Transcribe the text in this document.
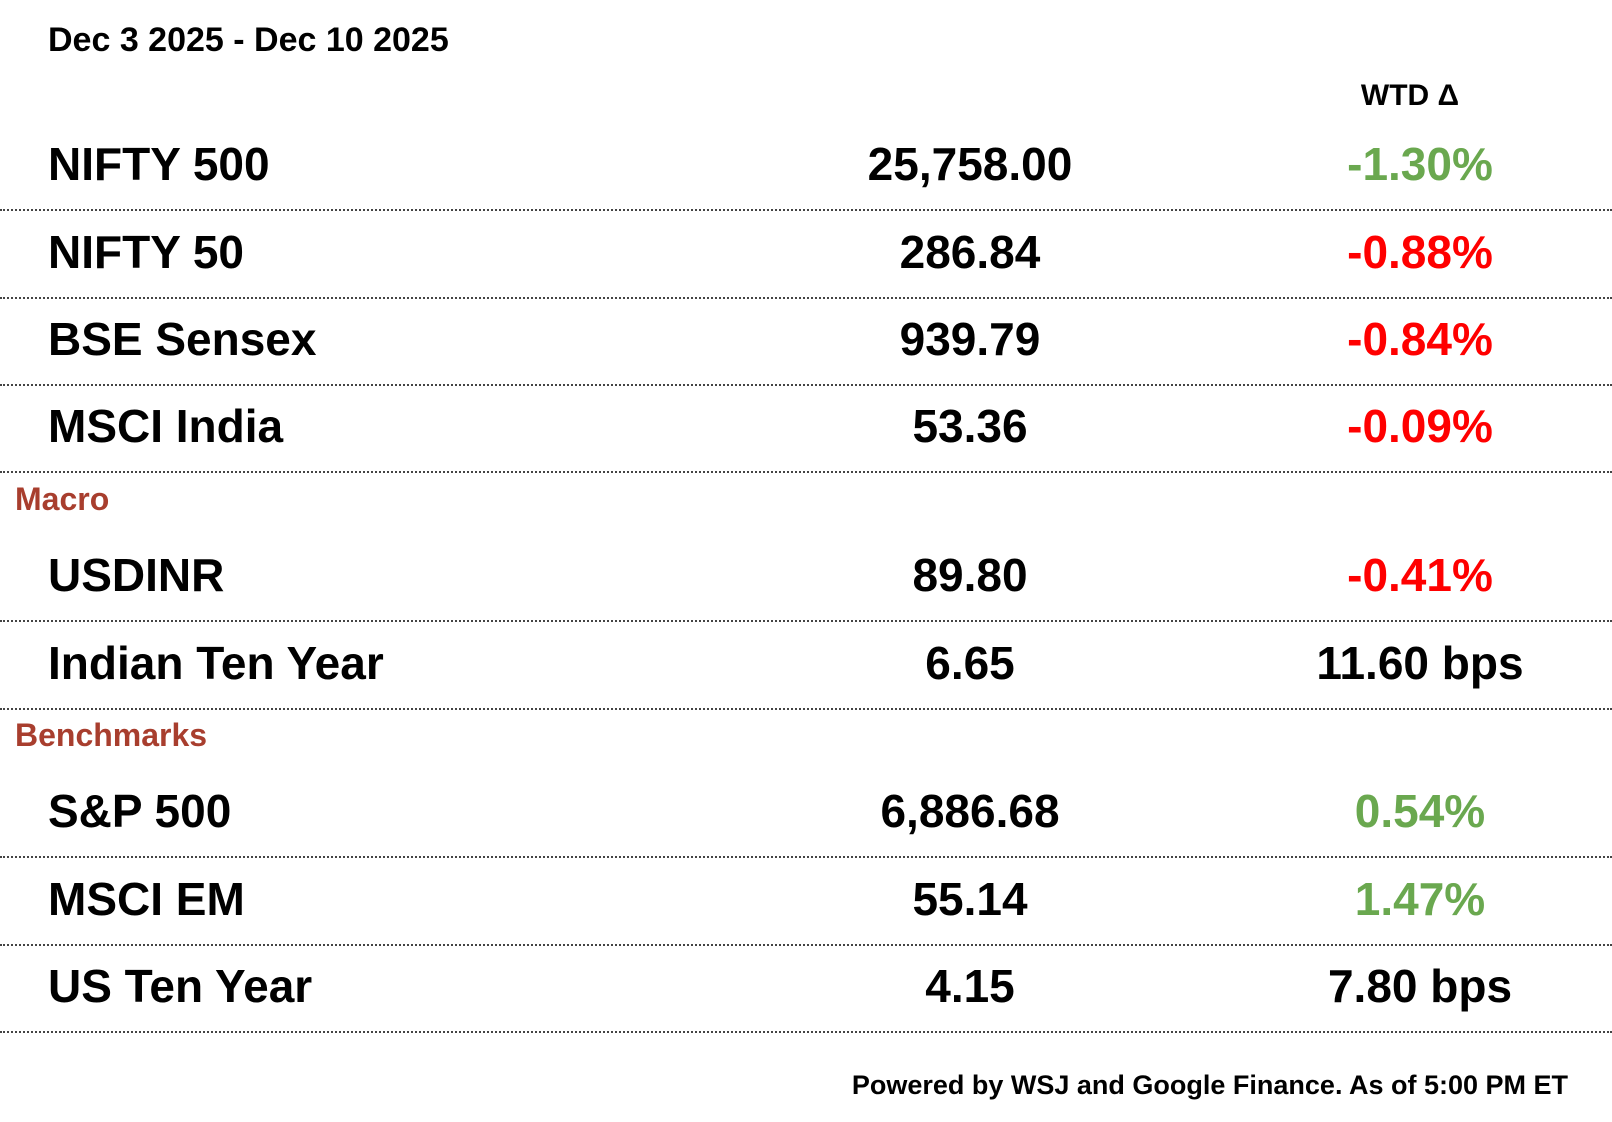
Dec 3 2025 - Dec 10 2025
WTD Δ
NIFTY 500	25,758.00	-1.30%
NIFTY 50	286.84	-0.88%
BSE Sensex	939.79	-0.84%
MSCI India	53.36	-0.09%
Macro
USDINR	89.80	-0.41%
Indian Ten Year	6.65	11.60 bps
Benchmarks
S&P 500	6,886.68	0.54%
MSCI EM	55.14	1.47%
US Ten Year	4.15	7.80 bps
Powered by WSJ and Google Finance. As of 5:00 PM ET
